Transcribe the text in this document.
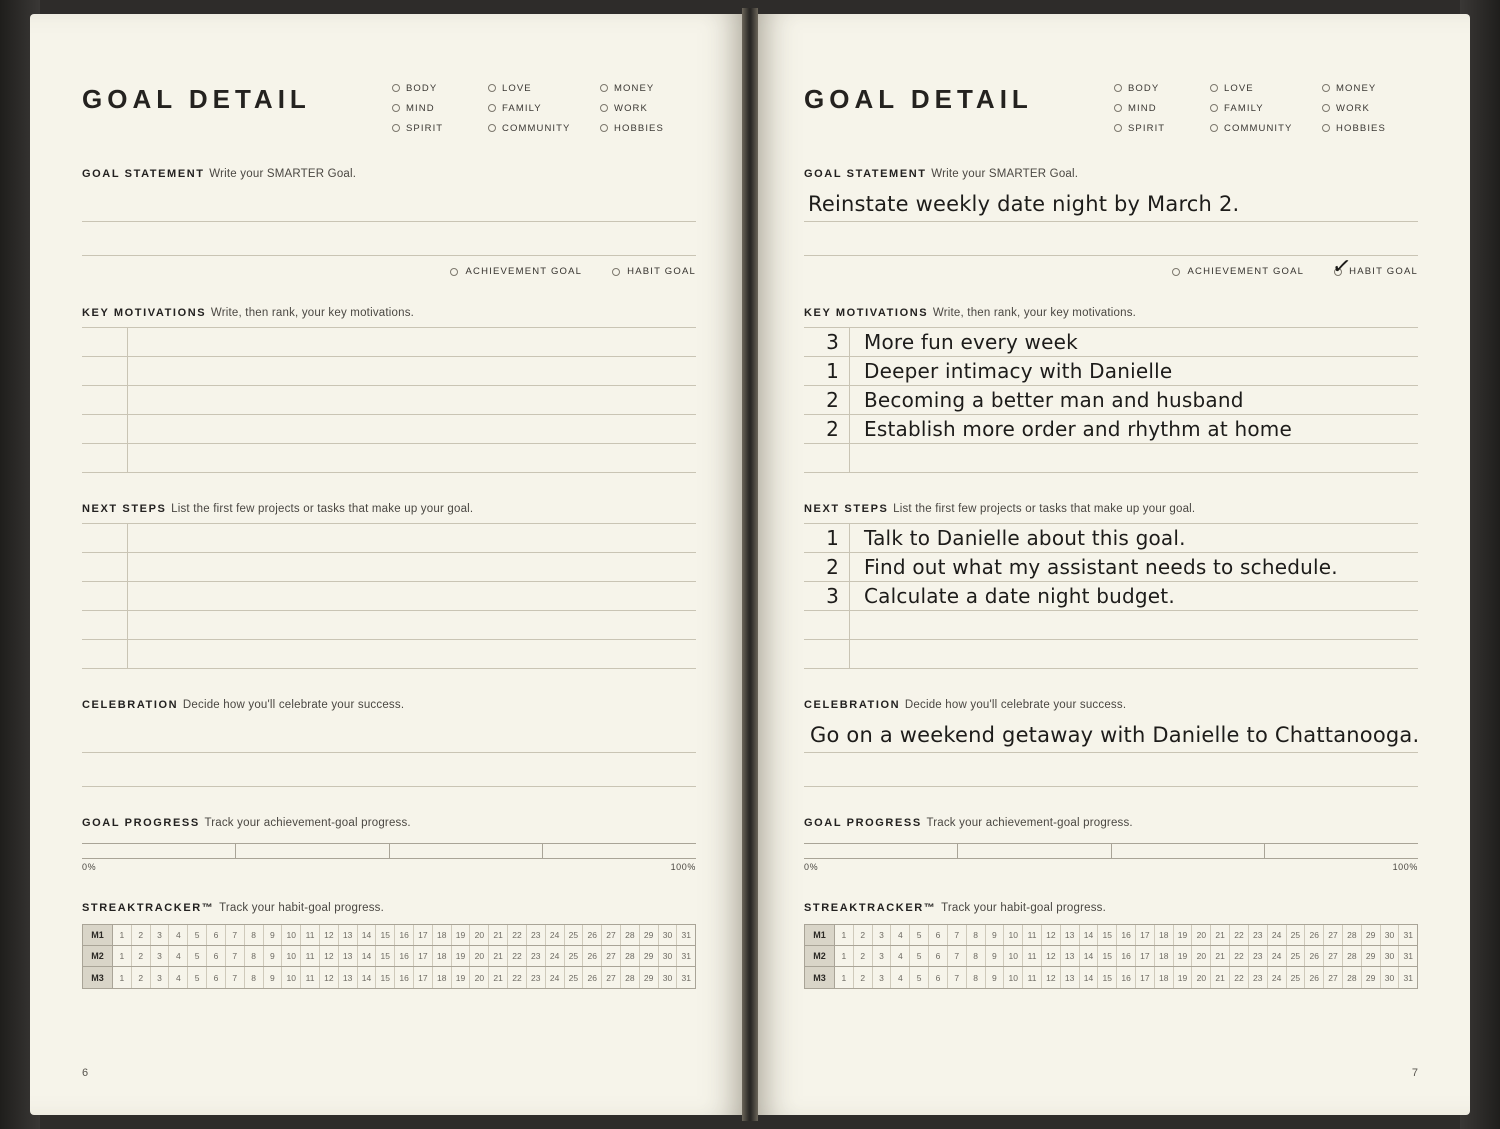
GOAL DETAIL	BODY
MIND
SPIRIT
LOVE
FAMILY
COMMUNITY
MONEY
WORK
HOBBIES
GOAL STATEMENT Write your SMARTER Goal.
ACHIEVEMENT GOAL	HABIT GOAL
KEY MOTIVATIONS Write, then rank, your key motivations.
NEXT STEPS List the first few projects or tasks that make up your goal.
CELEBRATION Decide how you'll celebrate your success.
GOAL PROGRESS Track your achievement-goal progress.
0%	100%
STREAKTRACKER™ Track your habit-goal progress.
M1	1	2	3	4	5	6	7	8	9	10	11	12	13	14	15	16	17	18	19	20	21	22	23	24	25	26	27	28	29	30	31
M2	1	2	3	4	5	6	7	8	9	10	11	12	13	14	15	16	17	18	19	20	21	22	23	24	25	26	27	28	29	30	31
M3	1	2	3	4	5	6	7	8	9	10	11	12	13	14	15	16	17	18	19	20	21	22	23	24	25	26	27	28	29	30	31
6
GOAL DETAIL	BODY
MIND
SPIRIT
LOVE
FAMILY
COMMUNITY
MONEY
WORK
HOBBIES
GOAL STATEMENT Write your SMARTER Goal.
Reinstate weekly date night by March 2.
ACHIEVEMENT GOAL ✓
HABIT GOAL
KEY MOTIVATIONS Write, then rank, your key motivations.
3 More fun every week
1 Deeper intimacy with Danielle
2 Becoming a better man and husband
2 Establish more order and rhythm at home
NEXT STEPS List the first few projects or tasks that make up your goal.
1 Talk to Danielle about this goal.
2 Find out what my assistant needs to schedule.
3 Calculate a date night budget.
CELEBRATION Decide how you'll celebrate your success.
Go on a weekend getaway with Danielle to Chattanooga.
GOAL PROGRESS Track your achievement-goal progress.
0%	100%
STREAKTRACKER™ Track your habit-goal progress.
M1	1	2	3	4	5	6	7	8	9	10	11	12	13	14	15	16	17	18	19	20	21	22	23	24	25	26	27	28	29	30	31
M2	1	2	3	4	5	6	7	8	9	10	11	12	13	14	15	16	17	18	19	20	21	22	23	24	25	26	27	28	29	30	31
M3	1	2	3	4	5	6	7	8	9	10	11	12	13	14	15	16	17	18	19	20	21	22	23	24	25	26	27	28	29	30	31
7
